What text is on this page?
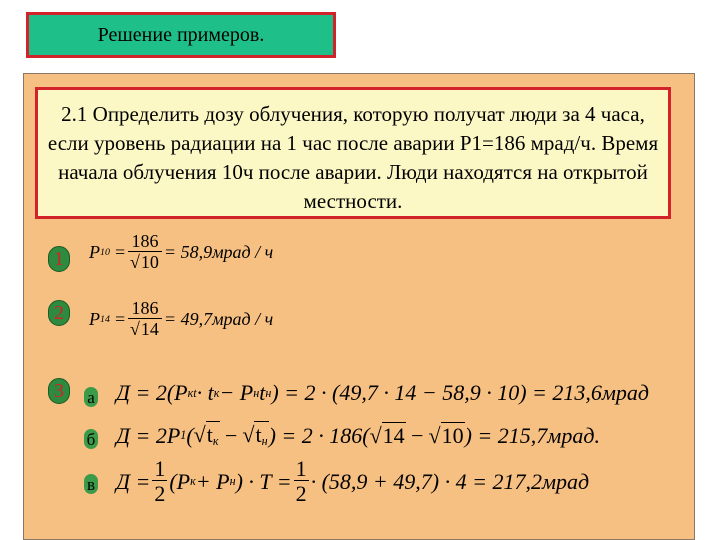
Решение примеров.
2.1 Определить дозу облучения, которую получат люди за 4 часа, если уровень радиации на 1 час после аварии P1=186 мрад/ч. Время начала облучения 10ч после аварии. Люди находятся на открытой местности.
1	P $10 = \frac{186}{√10}$ = 58,9мрад / ч
2	P $14 = \frac{186}{√14}$ = 49,7мрад / ч
3	а Д = 2(P кt · t к − P н t н ) = 2 · (49,7 · 14 − 58,9 · 10) = 213,6мрад
б Д = 2P 1 ( $√t_к - √t_н$ ) = 2 · 186( √14 − √10 ) = 215,7мрад.
в $Д = \frac{1}{2} (P$ к + P н ) · $T = \frac{1}{2} \cdot (58,9 + 49,7) \cdot 4$ = 217,2мрад
